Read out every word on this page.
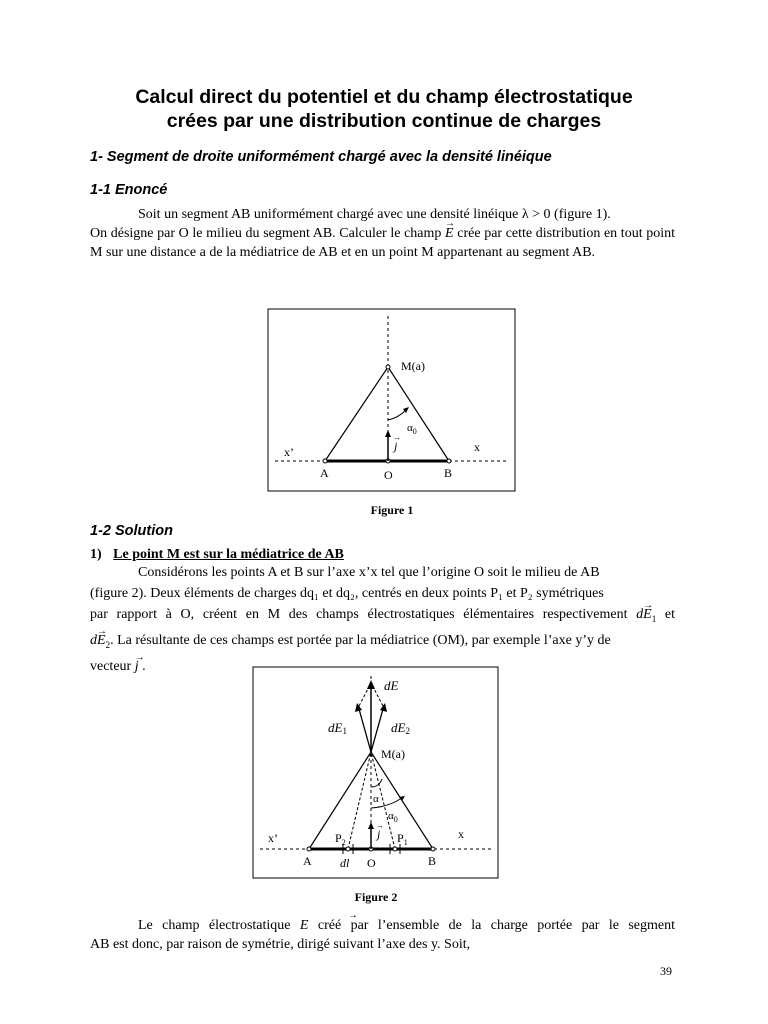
Calcul direct du potentiel et du champ électrostatique
crées par une distribution continue de charges
1- Segment de droite uniformément chargé avec la densité linéique
1-1 Enoncé
Soit un segment AB uniformément chargé avec une densité linéique λ > 0 (figure 1).
On désigne par O le milieu du segment AB. Calculer le champ → E crée par cette distribution en tout point M sur une distance a de la médiatrice de AB et en un point M appartenant au segment AB.
M(a)
$\alpha_0$
j
→
x’	x
A	O	B
Figure 1
1-2 Solution
1) Le point M est sur la médiatrice de AB
Considérons les points A et B sur l’axe x’x tel que l’origine O soit le milieu de AB
(figure 2). Deux éléments de charges dq₁ et dq₂, centrés en deux points P₁ et P₂ symétriques
par rapport à O, créent en M des champs électrostatiques élémentaires respectivement $d\to E_1$ et
$d\to E_2$. La résultante de ces champs est portée par la médiatrice (OM), par exemple l’axe y’y de
vecteur → j .
dE
dE1	dE2
M(a)
α
$\alpha_0$
j
→
x’	x
$P_2$	$P_1$
A dl O	B
Figure 2
Le champ électrostatique → E créé par l’ensemble de la charge portée par le segment
AB est donc, par raison de symétrie, dirigé suivant l’axe des y. Soit,
39
